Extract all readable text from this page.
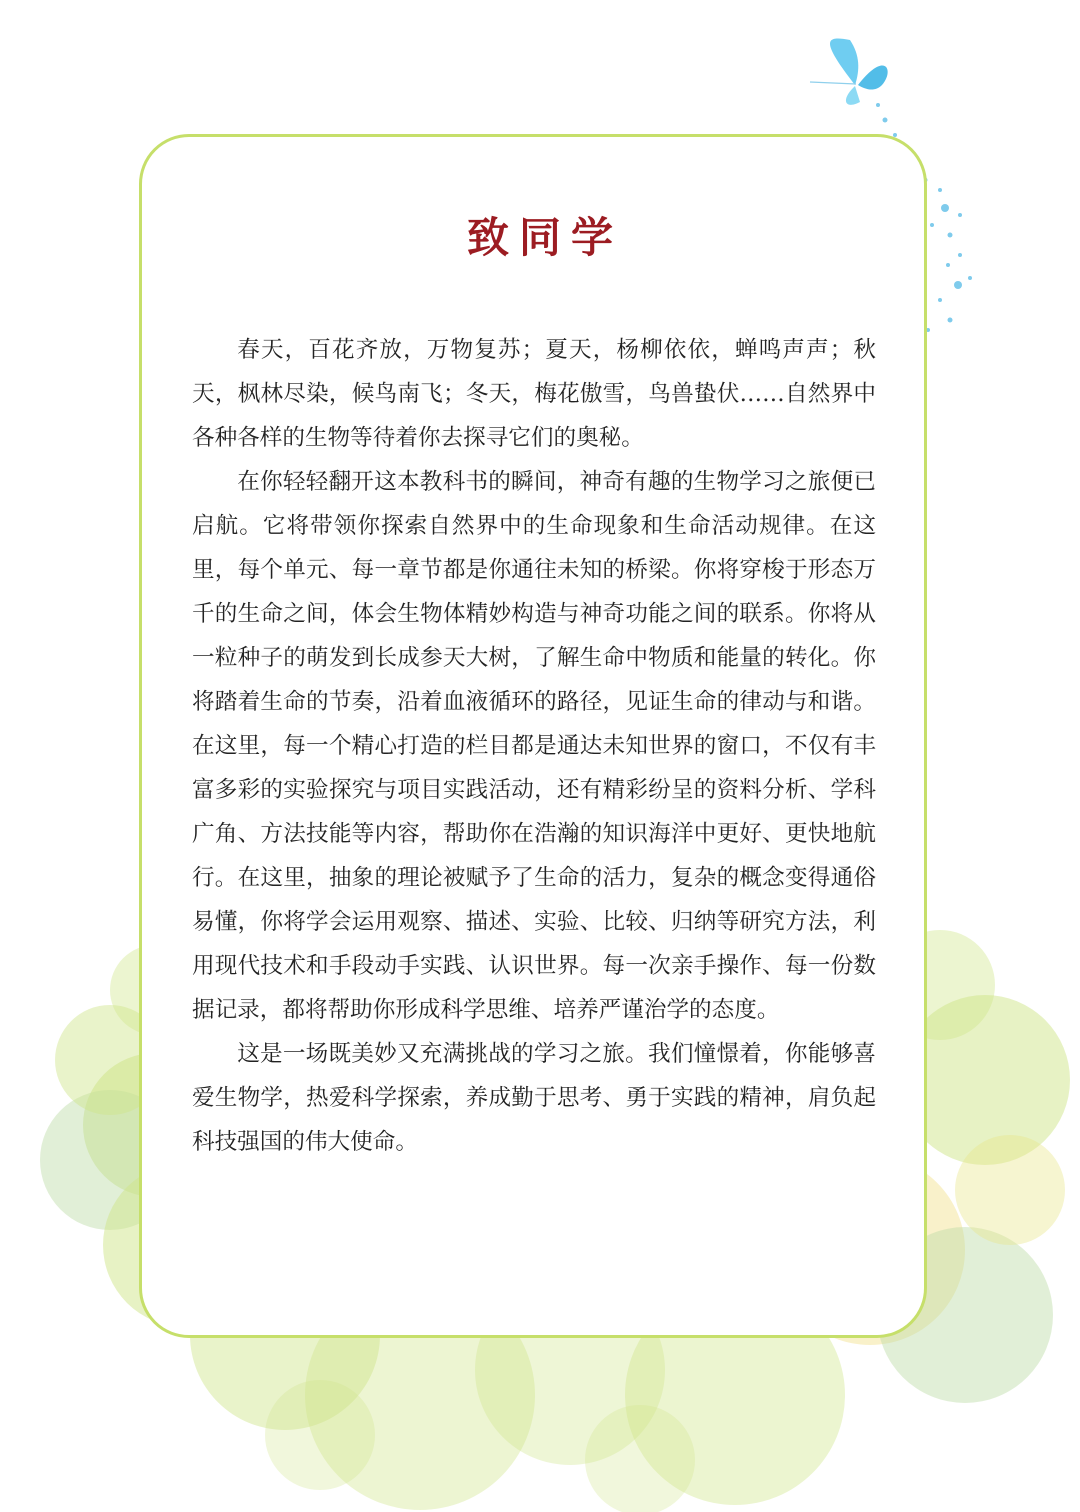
致同学

春天，百花齐放，万物复苏；夏天，杨柳依依，蝉鸣声声；秋天，枫林尽染，候鸟南飞；冬天，梅花傲雪，鸟兽蛰伏……自然界中各种各样的生物等待着你去探寻它们的奥秘。

在你轻轻翻开这本教科书的瞬间，神奇有趣的生物学习之旅便已启航。它将带领你探索自然界中的生命现象和生命活动规律。在这里，每个单元、每一章节都是你通往未知的桥梁。你将穿梭于形态万千的生命之间，体会生物体精妙构造与神奇功能之间的联系。你将从一粒种子的萌发到长成参天大树，了解生命中物质和能量的转化。你将踏着生命的节奏，沿着血液循环的路径，见证生命的律动与和谐。在这里，每一个精心打造的栏目都是通达未知世界的窗口，不仅有丰富多彩的实验探究与项目实践活动，还有精彩纷呈的资料分析、学科广角、方法技能等内容，帮助你在浩瀚的知识海洋中更好、更快地航行。在这里，抽象的理论被赋予了生命的活力，复杂的概念变得通俗易懂，你将学会运用观察、描述、实验、比较、归纳等研究方法，利用现代技术和手段动手实践、认识世界。每一次亲手操作、每一份数据记录，都将帮助你形成科学思维、培养严谨治学的态度。

这是一场既美妙又充满挑战的学习之旅。我们憧憬着，你能够喜爱生物学，热爱科学探索，养成勤于思考、勇于实践的精神，肩负起科技强国的伟大使命。
